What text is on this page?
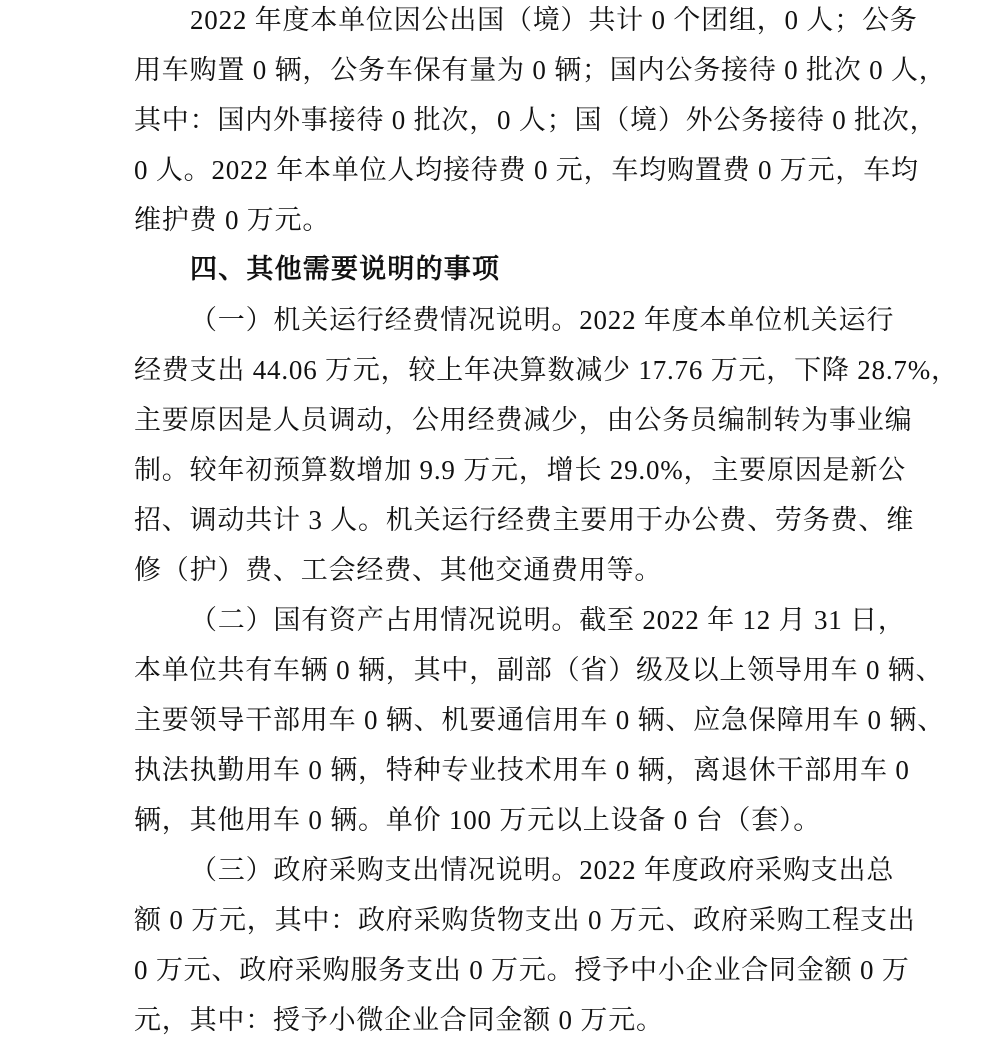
2022 年度本单位因公出国（境）共计 0 个团组，0 人；公务
用车购置 0 辆，公务车保有量为 0 辆；国内公务接待 0 批次 0 人，
其中：国内外事接待 0 批次，0 人；国（境）外公务接待 0 批次，
0 人。2022 年本单位人均接待费 0 元，车均购置费 0 万元，车均
维护费 0 万元。
四、其他需要说明的事项
（一）机关运行经费情况说明。2022 年度本单位机关运行
经费支出 44.06 万元，较上年决算数减少 17.76 万元，下降 28.7%，
主要原因是人员调动，公用经费减少，由公务员编制转为事业编
制。较年初预算数增加 9.9 万元，增长 29.0%，主要原因是新公
招、调动共计 3 人。机关运行经费主要用于办公费、劳务费、维
修（护）费、工会经费、其他交通费用等。
（二）国有资产占用情况说明。截至 2022 年 12 月 31 日，
本单位共有车辆 0 辆，其中，副部（省）级及以上领导用车 0 辆、
主要领导干部用车 0 辆、机要通信用车 0 辆、应急保障用车 0 辆、
执法执勤用车 0 辆，特种专业技术用车 0 辆，离退休干部用车 0
辆，其他用车 0 辆。单价 100 万元以上设备 0 台（套）。
（三）政府采购支出情况说明。2022 年度政府采购支出总
额 0 万元，其中：政府采购货物支出 0 万元、政府采购工程支出
0 万元、政府采购服务支出 0 万元。授予中小企业合同金额 0 万
元，其中：授予小微企业合同金额 0 万元。
